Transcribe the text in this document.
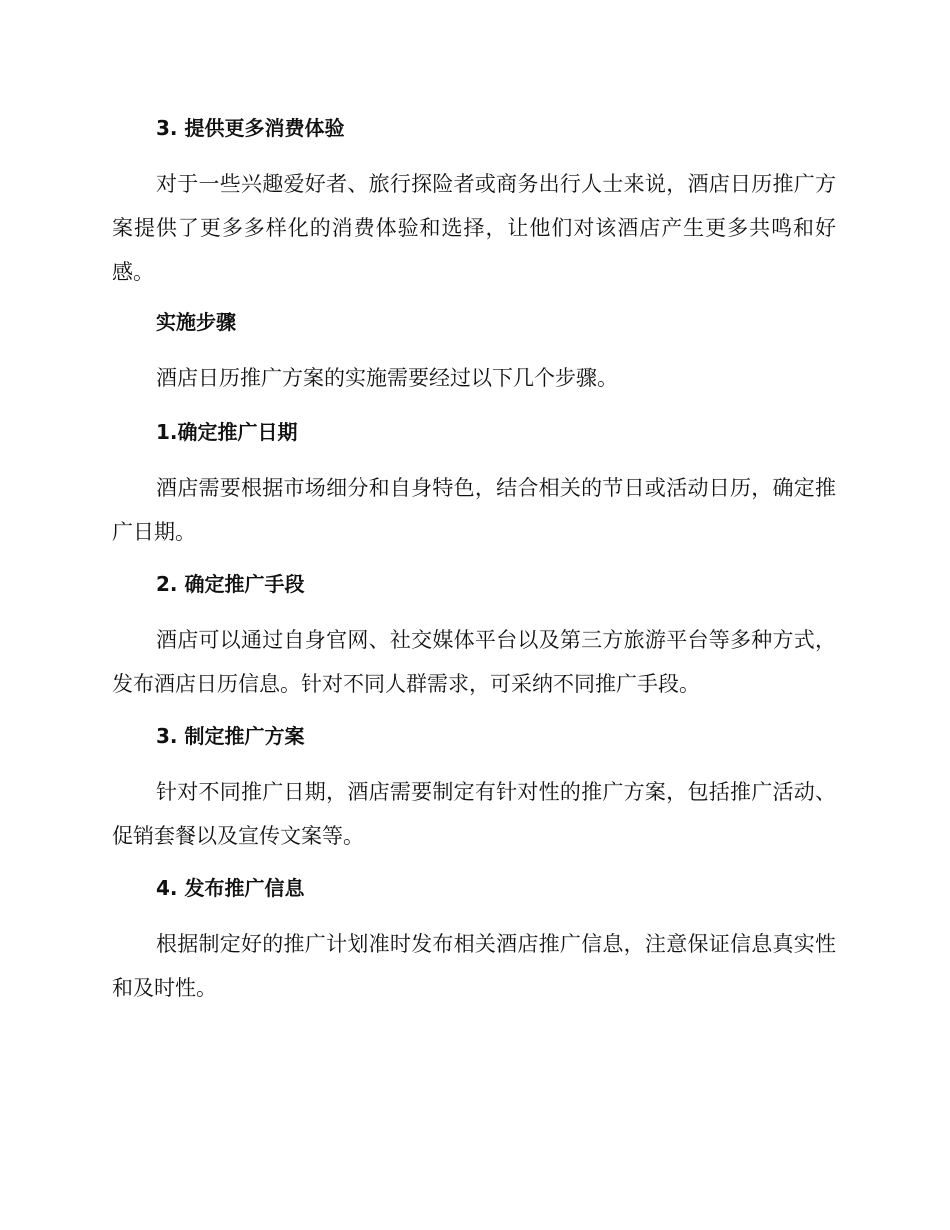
3. 提供更多消费体验

对于一些兴趣爱好者、旅行探险者或商务出行人士来说，酒店日历推广方案提供了更多多样化的消费体验和选择，让他们对该酒店产生更多共鸣和好感。

实施步骤

酒店日历推广方案的实施需要经过以下几个步骤。

1.确定推广日期

酒店需要根据市场细分和自身特色，结合相关的节日或活动日历，确定推广日期。

2. 确定推广手段

酒店可以通过自身官网、社交媒体平台以及第三方旅游平台等多种方式，发布酒店日历信息。针对不同人群需求，可采纳不同推广手段。

3. 制定推广方案

针对不同推广日期，酒店需要制定有针对性的推广方案，包括推广活动、促销套餐以及宣传文案等。

4. 发布推广信息

根据制定好的推广计划准时发布相关酒店推广信息，注意保证信息真实性和及时性。
